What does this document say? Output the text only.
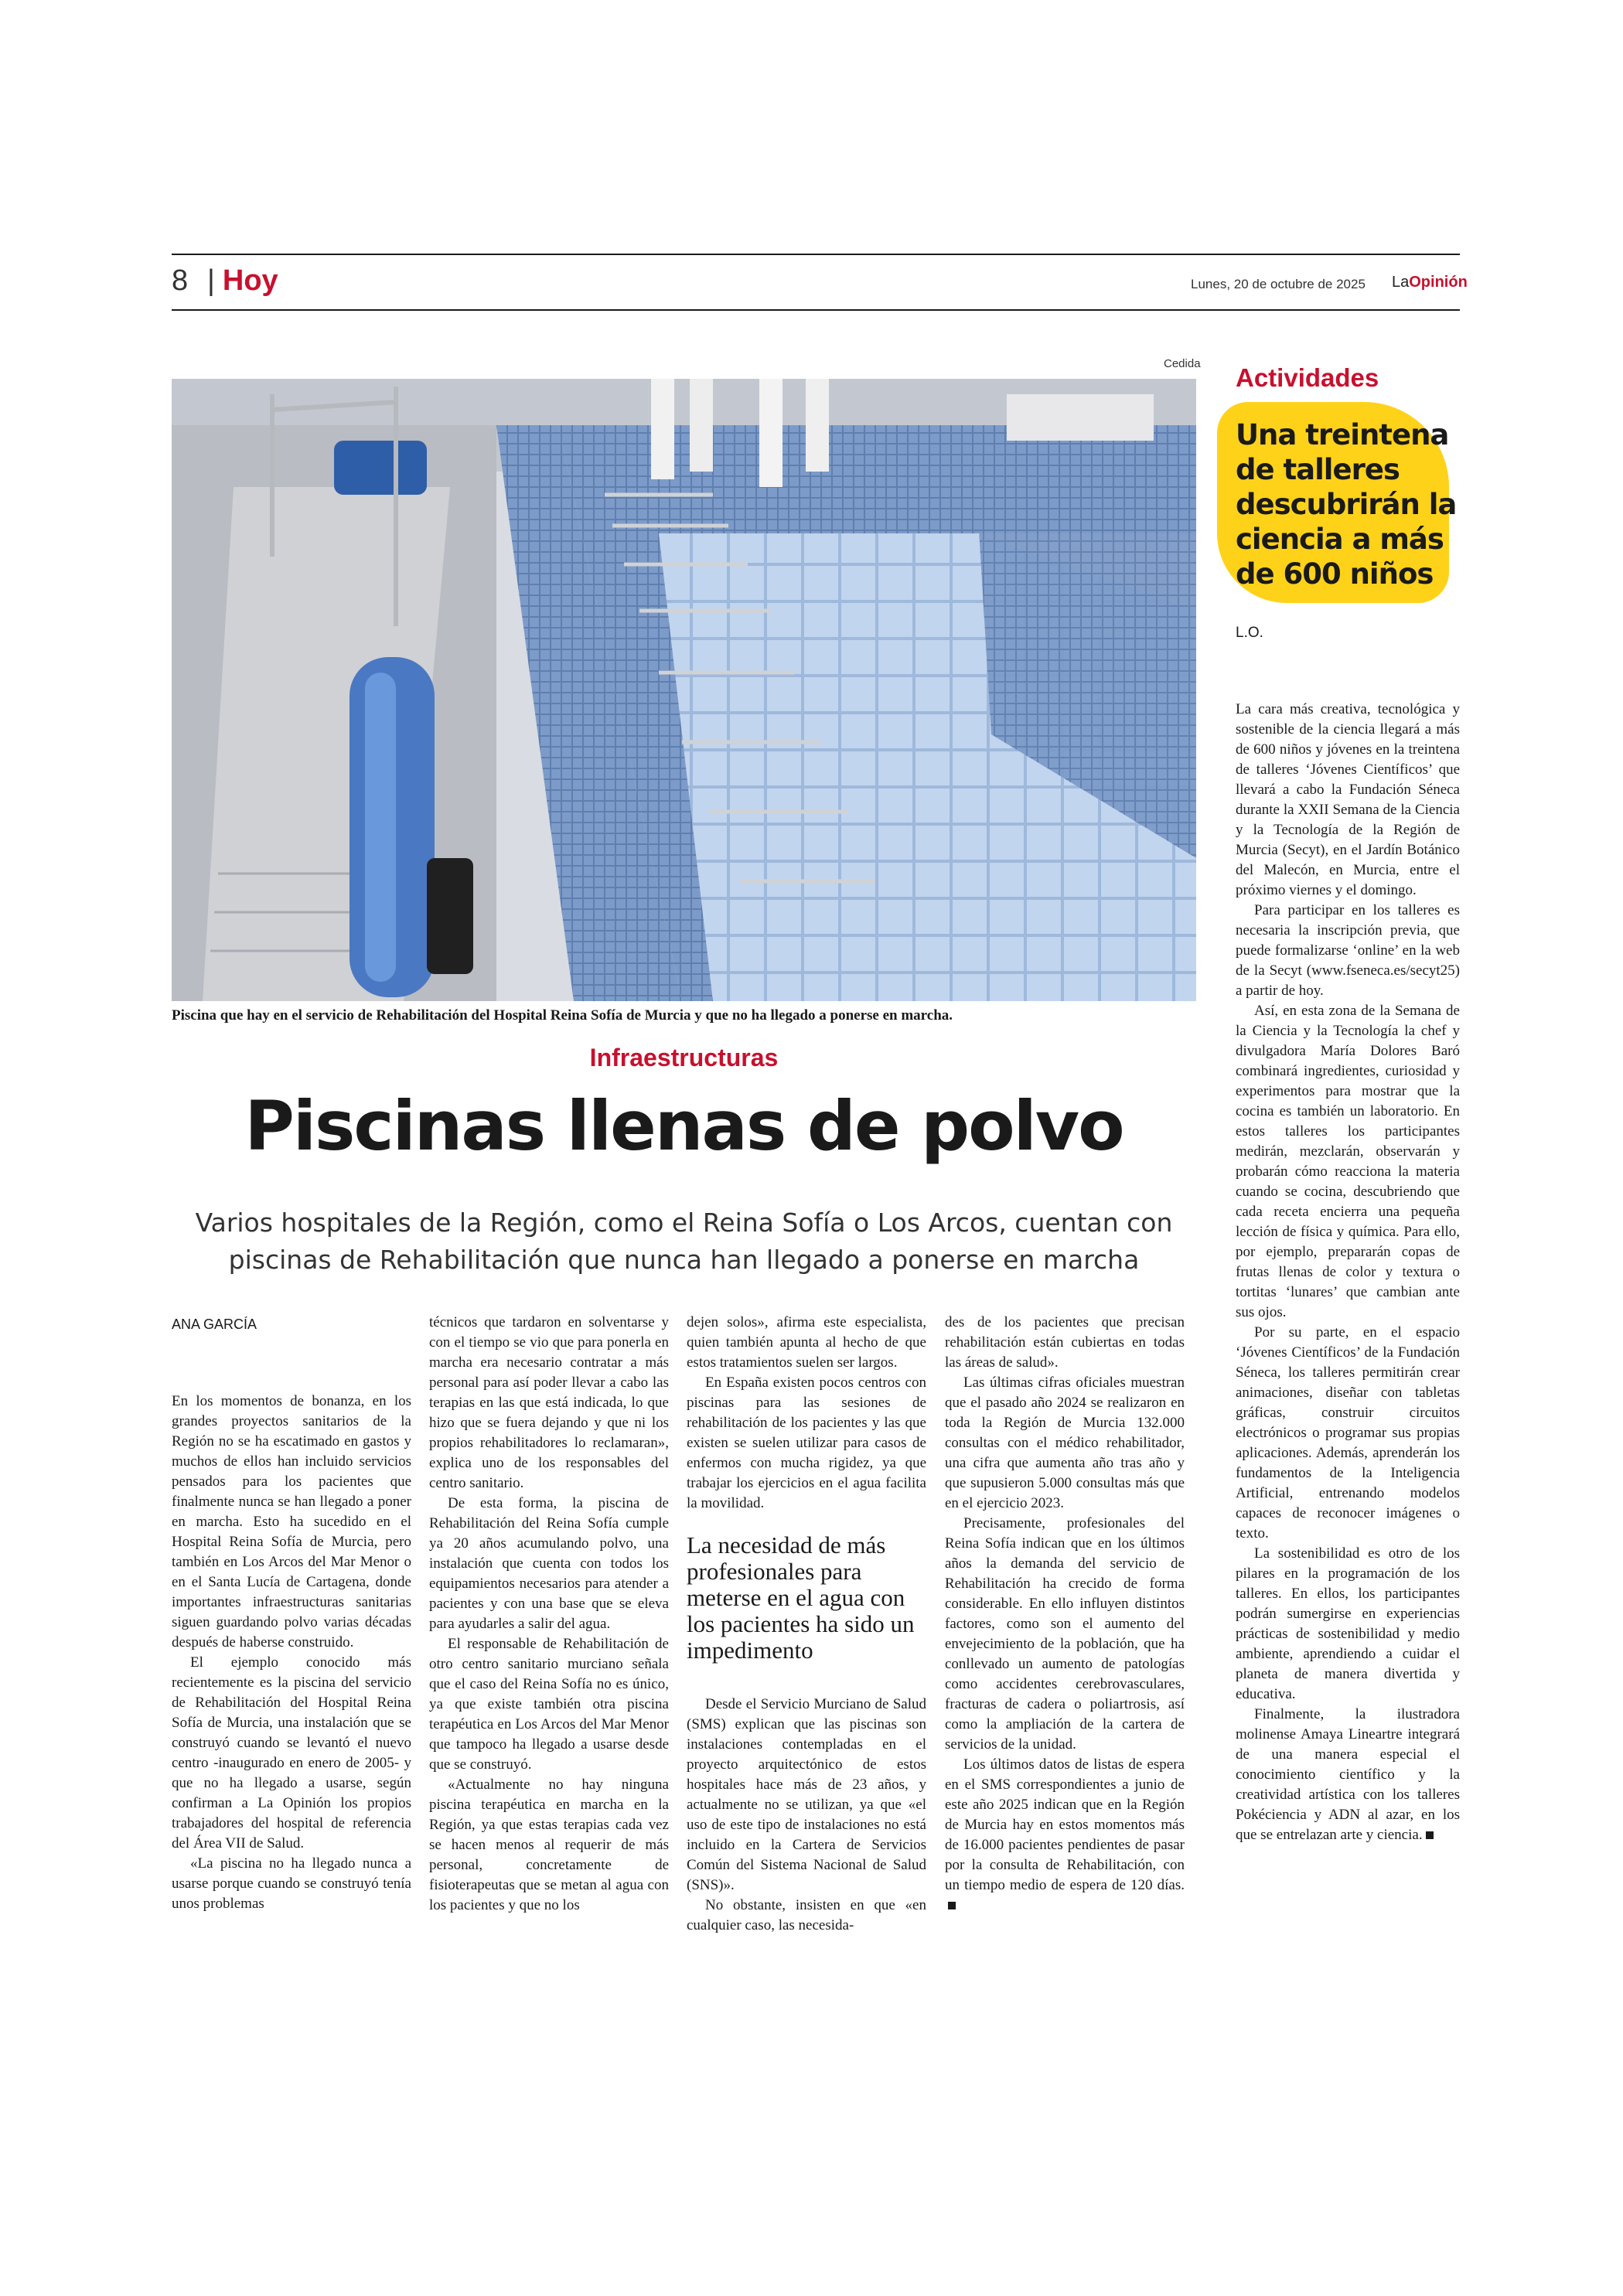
8 | Hoy	Lunes, 20 de octubre de 2025 LaOpinión
Cedida
Piscina que hay en el servicio de Rehabilitación del Hospital Reina Sofía de Murcia y que no ha llegado a ponerse en marcha.
Infraestructuras
Piscinas llenas de polvo
Varios hospitales de la Región, como el Reina Sofía o Los Arcos, cuentan con piscinas de Rehabilitación que nunca han llegado a ponerse en marcha
ANA GARCÍA

En los momentos de bonanza, en los grandes proyectos sanitarios de la Región no se ha escatimado en gastos y muchos de ellos han incluido servicios pensados para los pacientes que finalmente nunca se han llegado a poner en marcha. Esto ha sucedido en el Hospital Reina Sofía de Murcia, pero también en Los Arcos del Mar Menor o en el Santa Lucía de Cartagena, donde importantes infraestructuras sanitarias siguen guardando polvo varias décadas después de haberse construido.

El ejemplo conocido más recientemente es la piscina del servicio de Rehabilitación del Hospital Reina Sofía de Murcia, una instalación que se construyó cuando se levantó el nuevo centro -inaugurado en enero de 2005- y que no ha llegado a usarse, según confirman a La Opinión los propios trabajadores del hospital de referencia del Área VII de Salud.

«La piscina no ha llegado nunca a usarse porque cuando se construyó tenía unos problemas

técnicos que tardaron en solventarse y con el tiempo se vio que para ponerla en marcha era necesario contratar a más personal para así poder llevar a cabo las terapias en las que está indicada, lo que hizo que se fuera dejando y que ni los propios rehabilitadores lo reclamaran», explica uno de los responsables del centro sanitario.

De esta forma, la piscina de Rehabilitación del Reina Sofía cumple ya 20 años acumulando polvo, una instalación que cuenta con todos los equipamientos necesarios para atender a pacientes y con una base que se eleva para ayudarles a salir del agua.

El responsable de Rehabilitación de otro centro sanitario murciano señala que el caso del Reina Sofía no es único, ya que existe también otra piscina terapéutica en Los Arcos del Mar Menor que tampoco ha llegado a usarse desde que se construyó.

«Actualmente no hay ninguna piscina terapéutica en marcha en la Región, ya que estas terapias cada vez se hacen menos al requerir de más personal, concretamente de fisioterapeutas que se metan al agua con los pacientes y que no los

dejen solos», afirma este especialista, quien también apunta al hecho de que estos tratamientos suelen ser largos.

En España existen pocos centros con piscinas para las sesiones de rehabilitación de los pacientes y las que existen se suelen utilizar para casos de enfermos con mucha rigidez, ya que trabajar los ejercicios en el agua facilita la movilidad.

La necesidad de más profesionales para meterse en el agua con los pacientes ha sido un impedimento

Desde el Servicio Murciano de Salud (SMS) explican que las piscinas son instalaciones contempladas en el proyecto arquitectónico de estos hospitales hace más de 23 años, y actualmente no se utilizan, ya que «el uso de este tipo de instalaciones no está incluido en la Cartera de Servicios Común del Sistema Nacional de Salud (SNS)».

No obstante, insisten en que «en cualquier caso, las necesida-

des de los pacientes que precisan rehabilitación están cubiertas en todas las áreas de salud».

Las últimas cifras oficiales muestran que el pasado año 2024 se realizaron en toda la Región de Murcia 132.000 consultas con el médico rehabilitador, una cifra que aumenta año tras año y que supusieron 5.000 consultas más que en el ejercicio 2023.

Precisamente, profesionales del Reina Sofía indican que en los últimos años la demanda del servicio de Rehabilitación ha crecido de forma considerable. En ello influyen distintos factores, como son el aumento del envejecimiento de la población, que ha conllevado un aumento de patologías como accidentes cerebrovasculares, fracturas de cadera o poliartrosis, así como la ampliación de la cartera de servicios de la unidad.

Los últimos datos de listas de espera en el SMS correspondientes a junio de este año 2025 indican que en la Región de Murcia hay en estos momentos más de 16.000 pacientes pendientes de pasar por la consulta de Rehabilitación, con un tiempo medio de espera de 120 días.

Actividades
Una treintena de talleres descubrirán la ciencia a más de 600 niños
L.O.

La cara más creativa, tecnológica y sostenible de la ciencia llegará a más de 600 niños y jóvenes en la treintena de talleres ‘Jóvenes Científicos’ que llevará a cabo la Fundación Séneca durante la XXII Semana de la Ciencia y la Tecnología de la Región de Murcia (Secyt), en el Jardín Botánico del Malecón, en Murcia, entre el próximo viernes y el domingo.

Para participar en los talleres es necesaria la inscripción previa, que puede formalizarse ‘online’ en la web de la Secyt (www.fseneca.es/secyt25) a partir de hoy.

Así, en esta zona de la Semana de la Ciencia y la Tecnología la chef y divulgadora María Dolores Baró combinará ingredientes, curiosidad y experimentos para mostrar que la cocina es también un laboratorio. En estos talleres los participantes medirán, mezclarán, observarán y probarán cómo reacciona la materia cuando se cocina, descubriendo que cada receta encierra una pequeña lección de física y química. Para ello, por ejemplo, prepararán copas de frutas llenas de color y textura o tortitas ‘lunares’ que cambian ante sus ojos.

Por su parte, en el espacio ‘Jóvenes Científicos’ de la Fundación Séneca, los talleres permitirán crear animaciones, diseñar con tabletas gráficas, construir circuitos electrónicos o programar sus propias aplicaciones. Además, aprenderán los fundamentos de la Inteligencia Artificial, entrenando modelos capaces de reconocer imágenes o texto.

La sostenibilidad es otro de los pilares en la programación de los talleres. En ellos, los participantes podrán sumergirse en experiencias prácticas de sostenibilidad y medio ambiente, aprendiendo a cuidar el planeta de manera divertida y educativa.

Finalmente, la ilustradora molinense Amaya Lineartre integrará de una manera especial el conocimiento científico y la creatividad artística con los talleres Pokéciencia y ADN al azar, en los que se entrelazan arte y ciencia.
